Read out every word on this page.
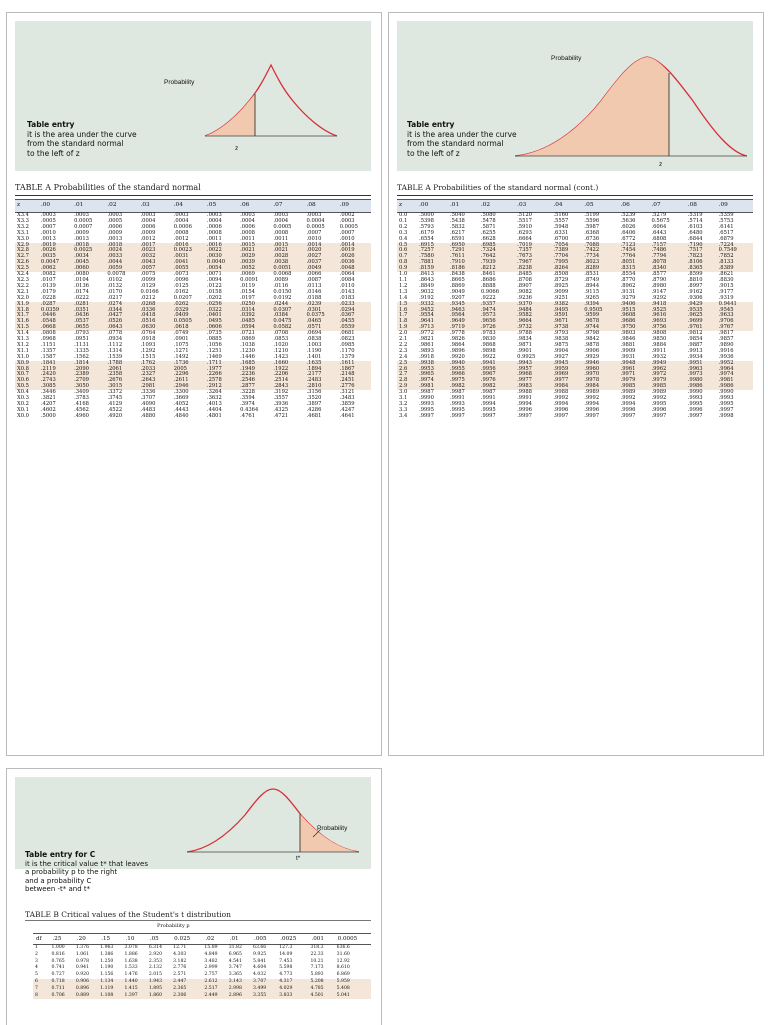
Probability
z
Table entry
it is the area under the curve
from the standard normal
to the left of z
TABLE A Probabilities of the standard normal
z	.00	.01	.02	.03	.04	.05	.06	.07	.08	.09
X3.4	.0003	.0003	.0003	.0003	.0003	.0003	.0003	.0003	.0003	.0002
X3.3	.0005	0.0005	.0005	.0004	.0004	.0004	.0004	.0004	0.0004	.0003
X3.2	.0007	0.0007	.0006	.0006	0.0006	.0006	.0006	0.0005	0.0005	0.0005
X3.1	.0010	.0009	.0009	.0009	.0008	.0008	.0008	.0008	.0007	.0007
X3.0	.0013	.0013	.0013	.0012	.0012	.0011	.0011	.0011	.0010	.0010
X2.9	.0019	.0018	.0018	.0017	.0016	.0016	.0015	.0015	.0014	.0014
X2.8	.0026	0.0025	.0024	.0023	0.0023	.0022	.0021	.0021	.0020	.0019
X2.7	.0035	.0034	.0033	.0032	.0031	.0030	.0029	.0028	.0027	.0026
X2.6	0.0047	.0045	.0044	.0043	.0041	0.0040	.0039	.0038	.0037	.0036
X2.5	.0062	.0060	.0059	.0057	.0055	.0054	.0052	0.0051	.0049	.0048
X2.4	.0082	.0080	0.0078	.0075	.0073	.0071	.0069	0.0068	.0066	.0064
X2.3	.0107	.0104	.0102	.0099	.0096	.0094	0.0091	.0089	.0087	.0084
X2.2	.0139	.0136	.0132	.0129	.0125	.0122	.0119	.0116	.0113	.0110
X2.1	.0179	.0174	.0170	0.0166	.0162	.0158	.0154	0.0150	.0146	.0143
X2.0	.0228	.0222	.0217	.0212	0.0207	.0202	.0197	0.0192	.0188	.0183
X1.9	.0287	.0281	.0274	.0268	.0262	.0256	.0250	.0244	.0239	.0233
X1.8	0.0359	.0351	.0344	.0336	.0329	.0322	.0314	0.0307	.0301	.0294
X1.7	.0446	.0436	.0427	.0418	.0409	.0401	.0392	.0384	0.0375	.0367
X1.6	.0548	.0537	.0526	.0516	0.0505	.0495	.0485	0.0475	.0465	.0455
X1.5	.0668	.0655	.0643	.0630	.0618	.0606	.0594	0.0582	.0571	.0559
X1.4	.0808	.0793	.0778	.0764	.0749	.0735	.0721	.0708	.0694	.0681
X1.3	.0968	.0951	.0934	.0918	.0901	.0885	.0869	.0853	.0838	.0823
X1.2	.1151	.1131	.1112	.1093	.1075	.1056	.1038	.1020	.1003	.0985
X1.1	.1357	.1335	.1314	.1292	.1271	.1251	.1230	.1210	.1190	.1170
X1.0	.1587	.1562	.1539	.1515	.1492	.1469	.1446	.1423	.1401	.1379
X0.9	.1841	.1814	.1788	.1762	.1736	.1711	.1685	.1660	.1635	.1611
X0.8	.2119	.2090	.2061	.2033	2005	.1977	.1949	.1922	.1894	.1867
X0.7	.2420	.2389	.2358	.2327	.2296	.2266	.2236	.2206	.2177	.2148
X0.6	.2743	.2709	.2676	.2643	.2611	.2578	.2546	.2514	.2483	.2451
X0.5	.3085	.3050	.3015	.2981	.2946	.2912	.2877	.2843	.2810	.2776
X0.4	.3446	.3409	.3372	.3336	.3300	.3264	.3228	.3192	.3156	.3121
X0.3	.3821	.3783	.3745	.3707	.3669	.3632	.3594	.3557	.3520	.3483
X0.2	.4207	.4168	.4129	.4090	.4052	.4013	.3974	.3936	.3897	.3859
X0.1	.4602	.4562	.4522	.4483	.4443	.4404	0.4364	.4325	.4286	.4247
X0.0	.5000	.4960	.4920	.4880	.4840	.4801	.4761	.4721	.4681	.4641
Probability
z
Table entry
it is the area under the curve
from the standard normal
to the left of z
TABLE A Probabilities of the standard normal (cont.)
z	.00	.01	.02	.03	.04	.05	.06	.07	.08	.09
0.0	.5000	.5040	.5080	.5120	.5160	.5199	.5239	.5279	.5319	.5359
0.1	.5398	.5438	.5478	.5517	.5557	.5596	.5636	0.5675	.5714	.5753
0.2	.5793	.5832	.5871	.5910	.5948	.5987	.6026	.6064	.6103	.6141
0.3	.6179	.6217	.6255	.6293	.6331	.6368	.6406	.6443	.6480	.6517
0.4	.6554	.6591	.6628	.6664	.6700	.6736	.6772	.6808	.6844	.6879
0.5	.6915	.6950	.6985	.7019	.7054	.7088	.7123	.7157	.7190	.7224
0.6	.7257	.7291	.7324	.7357	.7389	.7422	.7454	.7486	.7517	0.7549
0.7	.7580	.7611	.7642	.7673	.7704	.7734	.7764	.7794	.7823	.7852
0.8	.7881	.7910	.7939	.7967	.7995	.8023	.8051	.8078	.8106	.8133
0.9	.8159	.8186	.8212	.8238	.8264	.8289	.8315	.8340	.8365	.8389
1.0	.8413	.8438	.8461	.8485	.8508	.8531	.8554	.8577	.8599	.8621
1.1	.8643	.8665	.8686	.8708	.8729	.8749	.8770	.8790	.8810	.8830
1.2	.8849	.8869	.8888	.8907	.8925	.8944	.8962	.8980	.8997	.9015
1.3	.9032	.9049	0.9066	.9082	.9099	.9115	.9131	.9147	.9162	.9177
1.4	.9192	.9207	.9222	.9236	.9251	.9265	.9279	.9292	.9306	.9319
1.5	.9332	.9345	.9357	.9370	.9382	.9394	.9406	.9418	.9429	0.9441
1.6	.9452	.9463	.9474	.9484	.9495	0.9505	.9515	.9525	.9535	.9545
1.7	.9554	.9564	.9573	.9582	.9591	.9599	.9608	.9616	.9625	.9633
1.8	.9641	.9649	.9656	.9664	.9671	.9678	.9686	.9693	.9699	.9706
1.9	.9713	.9719	.9726	.9732	.9738	.9744	.9750	.9756	.9761	.9767
2.0	.9772	.9778	.9783	.9788	.9793	.9798	.9803	.9808	.9812	.9817
2.1	.9821	.9826	.9830	.9834	.9838	.9842	.9846	.9850	.9854	.9857
2.2	.9861	.9864	.9868	.9871	.9875	.9878	.9881	.9884	.9887	.9890
2.3	.9893	.9896	.9898	.9901	.9904	.9906	.9909	.9911	.9913	.9916
2.4	.9918	.9920	.9922	0.9925	.9927	.9929	.9931	.9932	.9934	.9936
2.5	.9938	.9940	.9941	.9943	.9945	.9946	.9948	.9949	.9951	.9952
2.6	.9953	.9955	.9956	.9957	.9959	.9960	.9961	.9962	.9963	.9964
2.7	.9965	.9966	.9967	.9968	.9969	.9970	.9971	.9972	.9973	.9974
2.8	.9974	.9975	.9976	.9977	.9977	.9978	.9979	.9979	.9980	.9981
2.9	.9981	.9982	.9982	.9983	.9984	.9984	.9985	.9985	.9986	.9986
3.0	.9987	.9987	.9987	.9988	.9988	.9989	.9989	.9989	.9990	.9990
3.1	.9990	.9991	.9991	.9991	.9992	.9992	.9992	.9992	.9993	.9993
3.2	.9993	.9993	.9994	.9994	.9994	.9994	.9994	.9995	.9995	.9995
3.3	.9995	.9995	.9995	.9996	.9996	.9996	.9996	.9996	.9996	.9997
3.4	.9997	.9997	.9997	.9997	.9997	.9997	.9997	.9997	.9997	.9998
Probability
t*
Table entry for C
it is the critical value t* that leaves
a probability p to the right
and a probability C
between -t* and t*
TABLE B Critical values of the Student's t distribution
Probability p
df	.25	.20	.15	.10	.05	0.025	.02	.01	.005	.0025	.001	0.0005
1	1.000	1.376	1.963	3.078	6.314	12.71	15.89	31.82	63.66	127.3	318.3	636.6
2	0.816	1.061	1.386	1.886	2.920	4.303	4.849	6.965	9.925	14.09	22.33	31.60
3	0.765	0.978	1.250	1.638	2.353	3.182	3.482	4.541	5.841	7.453	10.21	12.92
4	0.741	0.941	1.190	1.533	2.132	2.776	2.999	3.747	4.604	5.598	7.173	8.610
5	0.727	0.920	1.156	1.476	2.015	2.571	2.757	3.365	4.032	4.773	5.893	6.869
6	0.718	0.906	1.134	1.440	1.943	2.447	2.612	3.143	3.707	4.317	5.208	5.959
7	0.711	0.896	1.119	1.415	1.895	2.365	2.517	2.998	3.499	4.029	4.785	5.408
8	0.706	0.889	1.108	1.397	1.860	2.306	2.449	2.896	3.355	3.833	4.501	5.041
